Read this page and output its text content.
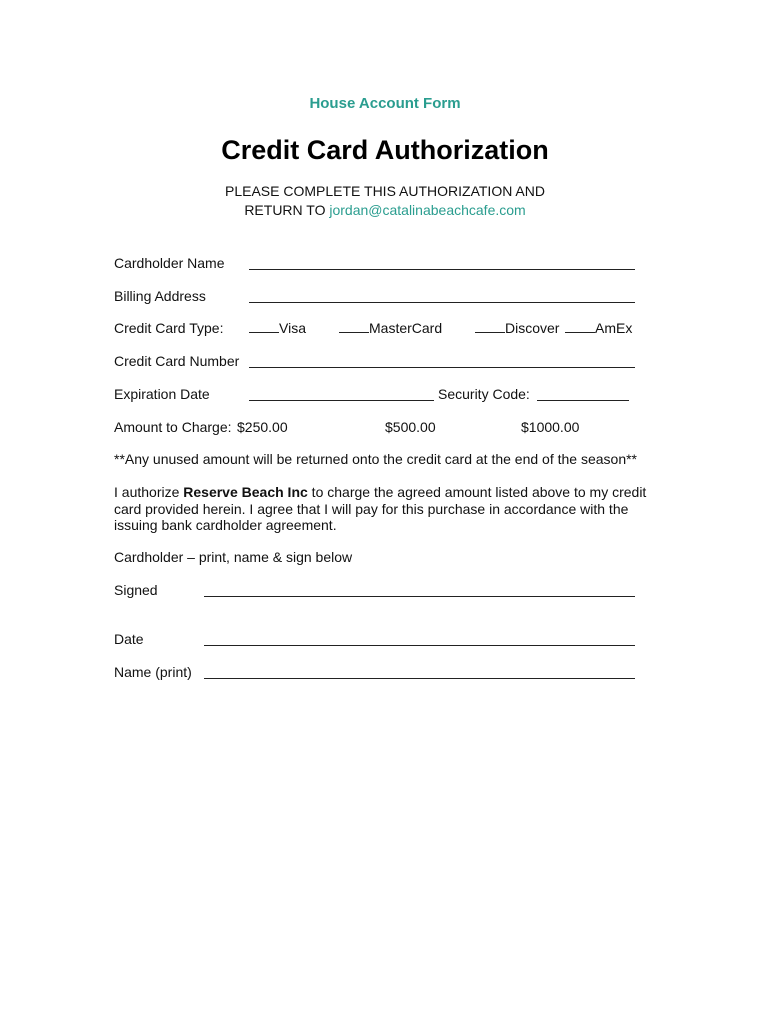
House Account Form
Credit Card Authorization
PLEASE COMPLETE THIS AUTHORIZATION AND
RETURN TO jordan@catalinabeachcafe.com
Cardholder Name
Billing Address
Credit Card Type:	Visa	MasterCard	Discover	AmEx
Credit Card Number
Expiration Date	Security Code:
Amount to Charge: $250.00	$500.00	$1000.00
**Any unused amount will be returned onto the credit card at the end of the season**
I authorize Reserve Beach Inc to charge the agreed amount listed above to my credit card provided herein. I agree that I will pay for this purchase in accordance with the issuing bank cardholder agreement.
Cardholder – print, name & sign below
Signed
Date
Name (print)
